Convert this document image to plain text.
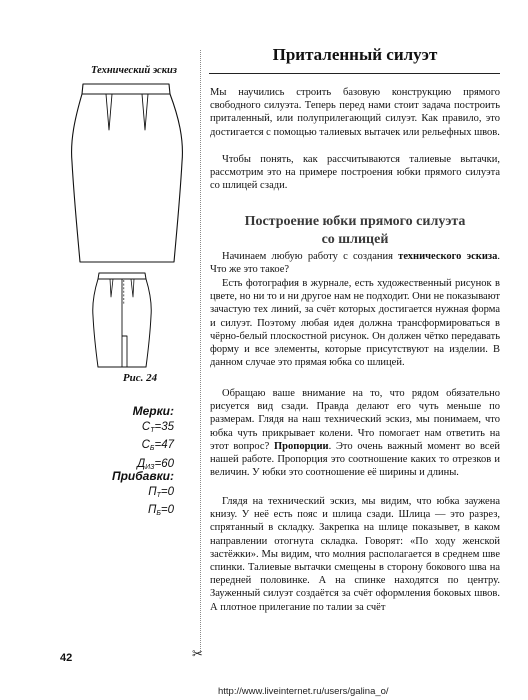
Технический эскиз
Рис. 24
Мерки:
$С_Т=35$
$С_Б=47$
$Д_{ИЗ}=60$
Прибавки:
$П_Т=0$
$П_Б=0$
Приталенный силуэт

Мы научились строить базовую конструкцию прямого свободного силуэта. Теперь перед нами стоит задача построить приталенный, или полуприлегающий силуэт. Как правило, это достигается с помощью талиевых вытачек или рельефных швов.

Чтобы понять, как рассчитываются талиевые вытачки, рассмотрим это на примере построения юбки прямого силуэта со шлицей сзади.

Построение юбки прямого силуэта
со шлицей

Начинаем любую работу с создания технического эскиза. Что же это такое?

Есть фотография в журнале, есть художественный рисунок в цвете, но ни то и ни другое нам не подходит. Они не показывают зачастую тех линий, за счёт которых достигается нужная форма и силуэт. Поэтому любая идея должна трансформироваться в чёрно-белый плоскостной рисунок. Он должен чётко передавать форму и все элементы, которые присутствуют на изделии. В данном случае это прямая юбка со шлицей.

Обращаю ваше внимание на то, что рядом обязательно рисуется вид сзади. Правда делают его чуть меньше по размерам. Глядя на наш технический эскиз, мы понимаем, что юбка чуть прикрывает колени. Что помогает нам ответить на этот вопрос? Пропорции. Это очень важный момент во всей нашей работе. Пропорция это соотношение каких то отрезков и величин. У юбки это соотношение её ширины и длины.

Глядя на технический эскиз, мы видим, что юбка заужена книзу. У неё есть пояс и шлица сзади. Шлица — это разрез, спрятанный в складку. Закрепка на шлице показывет, в каком направлении отогнута складка. Говорят: «По ходу женской застёжки». Мы видим, что молния располагается в среднем шве спинки. Талиевые вытачки смещены в сторону бокового шва на передней половинке. А на спинке находятся по центру. Зауженный силуэт создаётся за счёт оформления боковых швов. А плотное прилегание по талии за счёт

42	✂
http://www.liveinternet.ru/users/galina_o/
